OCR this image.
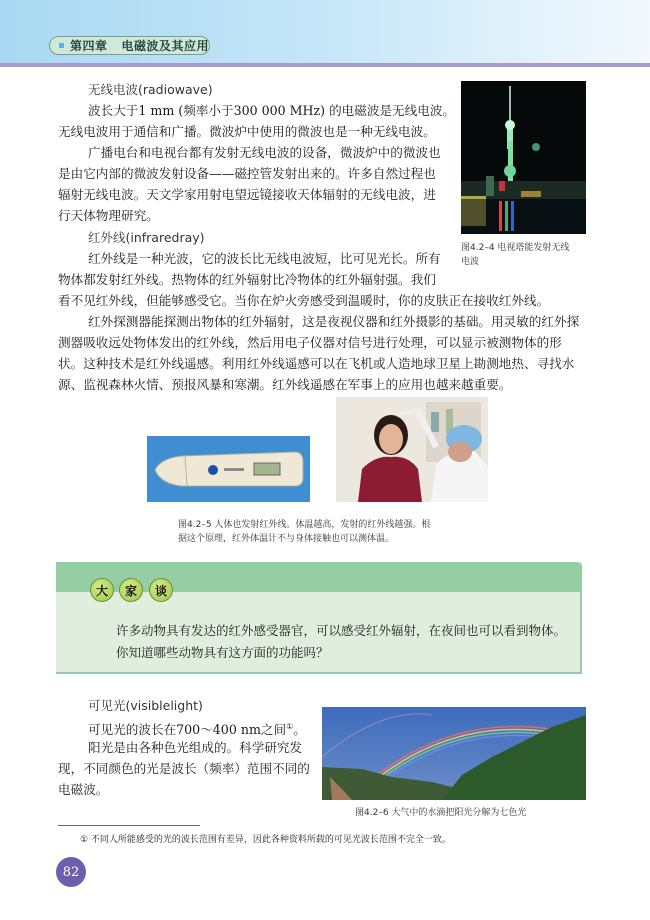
第四章   电磁波及其应用
无线电波(radiowave)
波长大于1 mm (频率小于300 000 MHz) 的电磁波是无线电波。
无线电波用于通信和广播。微波炉中使用的微波也是一种无线电波。
广播电台和电视台都有发射无线电波的设备，微波炉中的微波也
是由它内部的微波发射设备——磁控管发射出来的。许多自然过程也
辐射无线电波。天文学家用射电望远镜接收天体辐射的无线电波，进
行天体物理研究。
图4.2–4 电视塔能发射无线
电波
红外线(infraredray)
红外线是一种光波，它的波长比无线电波短，比可见光长。所有
物体都发射红外线。热物体的红外辐射比冷物体的红外辐射强。我们
看不见红外线，但能够感受它。当你在炉火旁感受到温暖时，你的皮肤正在接收红外线。
红外探测器能探测出物体的红外辐射，这是夜视仪器和红外摄影的基础。用灵敏的红外探
测器吸收远处物体发出的红外线，然后用电子仪器对信号进行处理，可以显示被测物体的形
状。这种技术是红外线遥感。利用红外线遥感可以在飞机或人造地球卫星上勘测地热、寻找水
源、监视森林火情、预报风暴和寒潮。红外线遥感在军事上的应用也越来越重要。
图4.2–5 人体也发射红外线。体温越高，发射的红外线越强。根
据这个原理，红外体温计不与身体接触也可以测体温。
大	家	谈
许多动物具有发达的红外感受器官，可以感受红外辐射，在夜间也可以看到物体。
你知道哪些动物具有这方面的功能吗？
可见光(visiblelight)
可见光的波长在700～400 nm之间①。
阳光是由各种色光组成的。科学研究发
现，不同颜色的光是波长（频率）范围不同的
电磁波。
图4.2–6 大气中的水滴把阳光分解为七色光
① 不同人所能感受的光的波长范围有差异，因此各种资料所载的可见光波长范围不完全一致。
82
